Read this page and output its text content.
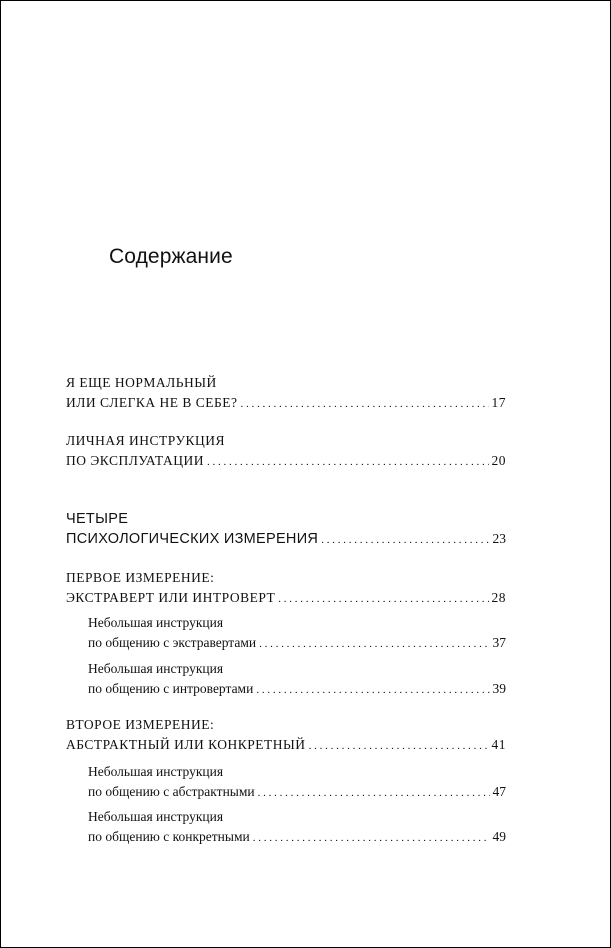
Содержание
Я ЕЩЕ НОРМАЛЬНЫЙ
ИЛИ СЛЕГКА НЕ В СЕБЕ? . . .	17
ЛИЧНАЯ ИНСТРУКЦИЯ
ПО ЭКСПЛУАТАЦИИ . . .	20
ЧЕТЫРЕ
ПСИХОЛОГИЧЕСКИХ ИЗМЕРЕНИЯ . . .	23
ПЕРВОЕ ИЗМЕРЕНИЕ:
ЭКСТРАВЕРТ ИЛИ ИНТРОВЕРТ . . .	28
Небольшая инструкция
по общению с экстравертами . . .	37
Небольшая инструкция
по общению с интровертами . . .	39
ВТОРОЕ ИЗМЕРЕНИЕ:
АБСТРАКТНЫЙ ИЛИ КОНКРЕТНЫЙ . . .	41
Небольшая инструкция
по общению с абстрактными . . .	47
Небольшая инструкция
по общению с конкретными . . .	49
